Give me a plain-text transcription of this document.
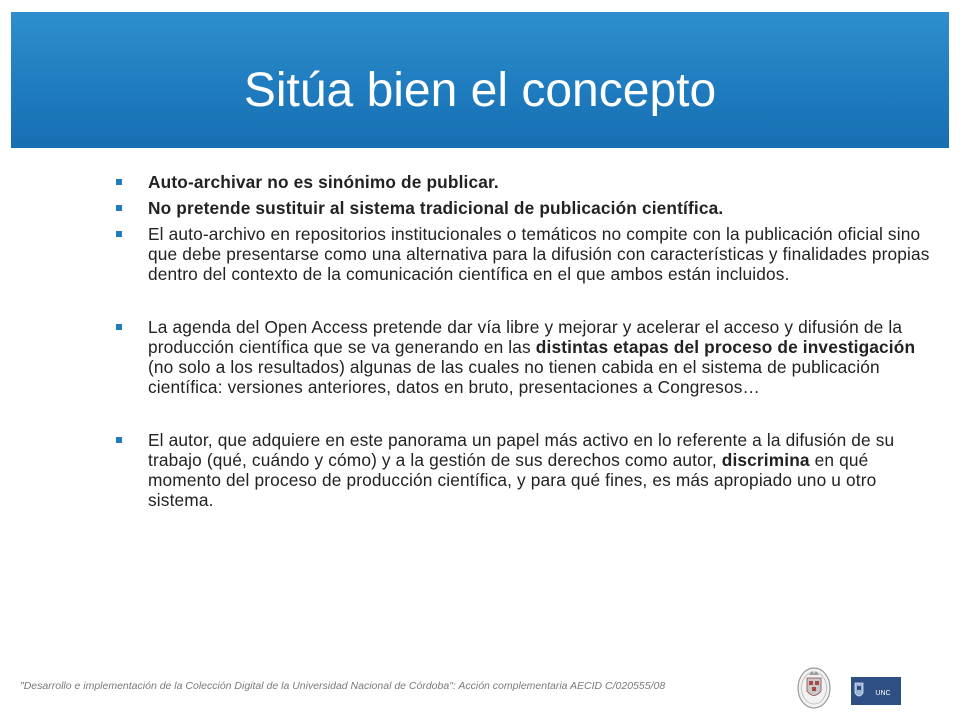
Sitúa bien el concepto
Auto-archivar no es sinónimo de publicar.
No pretende sustituir al sistema tradicional de publicación científica.
El auto-archivo en repositorios institucionales o temáticos no compite con la publicación oficial sino que debe presentarse como una alternativa para la difusión con características y finalidades propias dentro del contexto de la comunicación científica en el que ambos están incluidos.
La agenda del Open Access pretende dar vía libre y mejorar y acelerar el acceso y difusión de la producción científica que se va generando en las distintas etapas del proceso de investigación (no solo a los resultados) algunas de las cuales no tienen cabida en el sistema de publicación científica: versiones anteriores, datos en bruto, presentaciones a Congresos…
El autor, que adquiere en este panorama un papel más activo en lo referente a la difusión de su trabajo (qué, cuándo y cómo) y a la gestión de sus derechos como autor, discrimina en qué momento del proceso de producción científica, y para qué fines, es más apropiado uno u otro sistema.
"Desarrollo e implementación de la Colección Digital de la Universidad Nacional de Córdoba": Acción complementaria AECID C/020555/08
UNC
